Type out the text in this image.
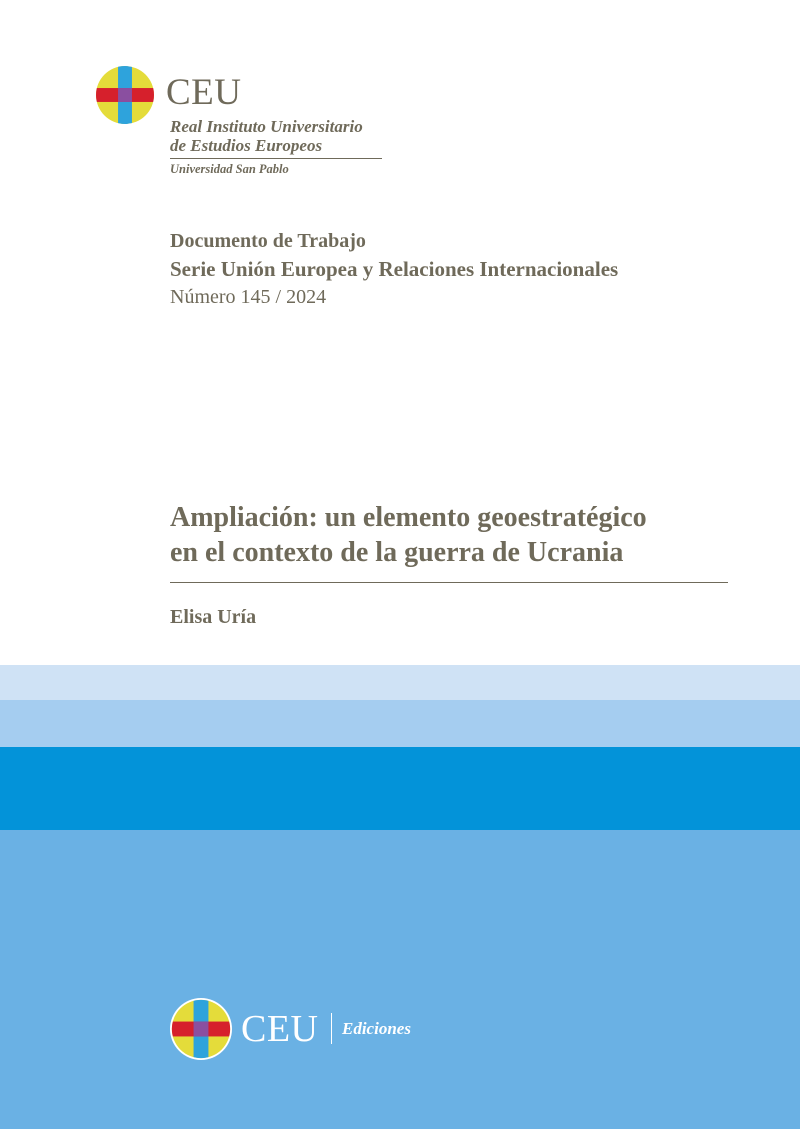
CEU
Real Instituto Universitario
de Estudios Europeos
Universidad San Pablo
Documento de Trabajo
Serie Unión Europea y Relaciones Internacionales
Número 145 / 2024
Ampliación: un elemento geoestratégico
en el contexto de la guerra de Ucrania
Elisa Uría
CEU Ediciones
